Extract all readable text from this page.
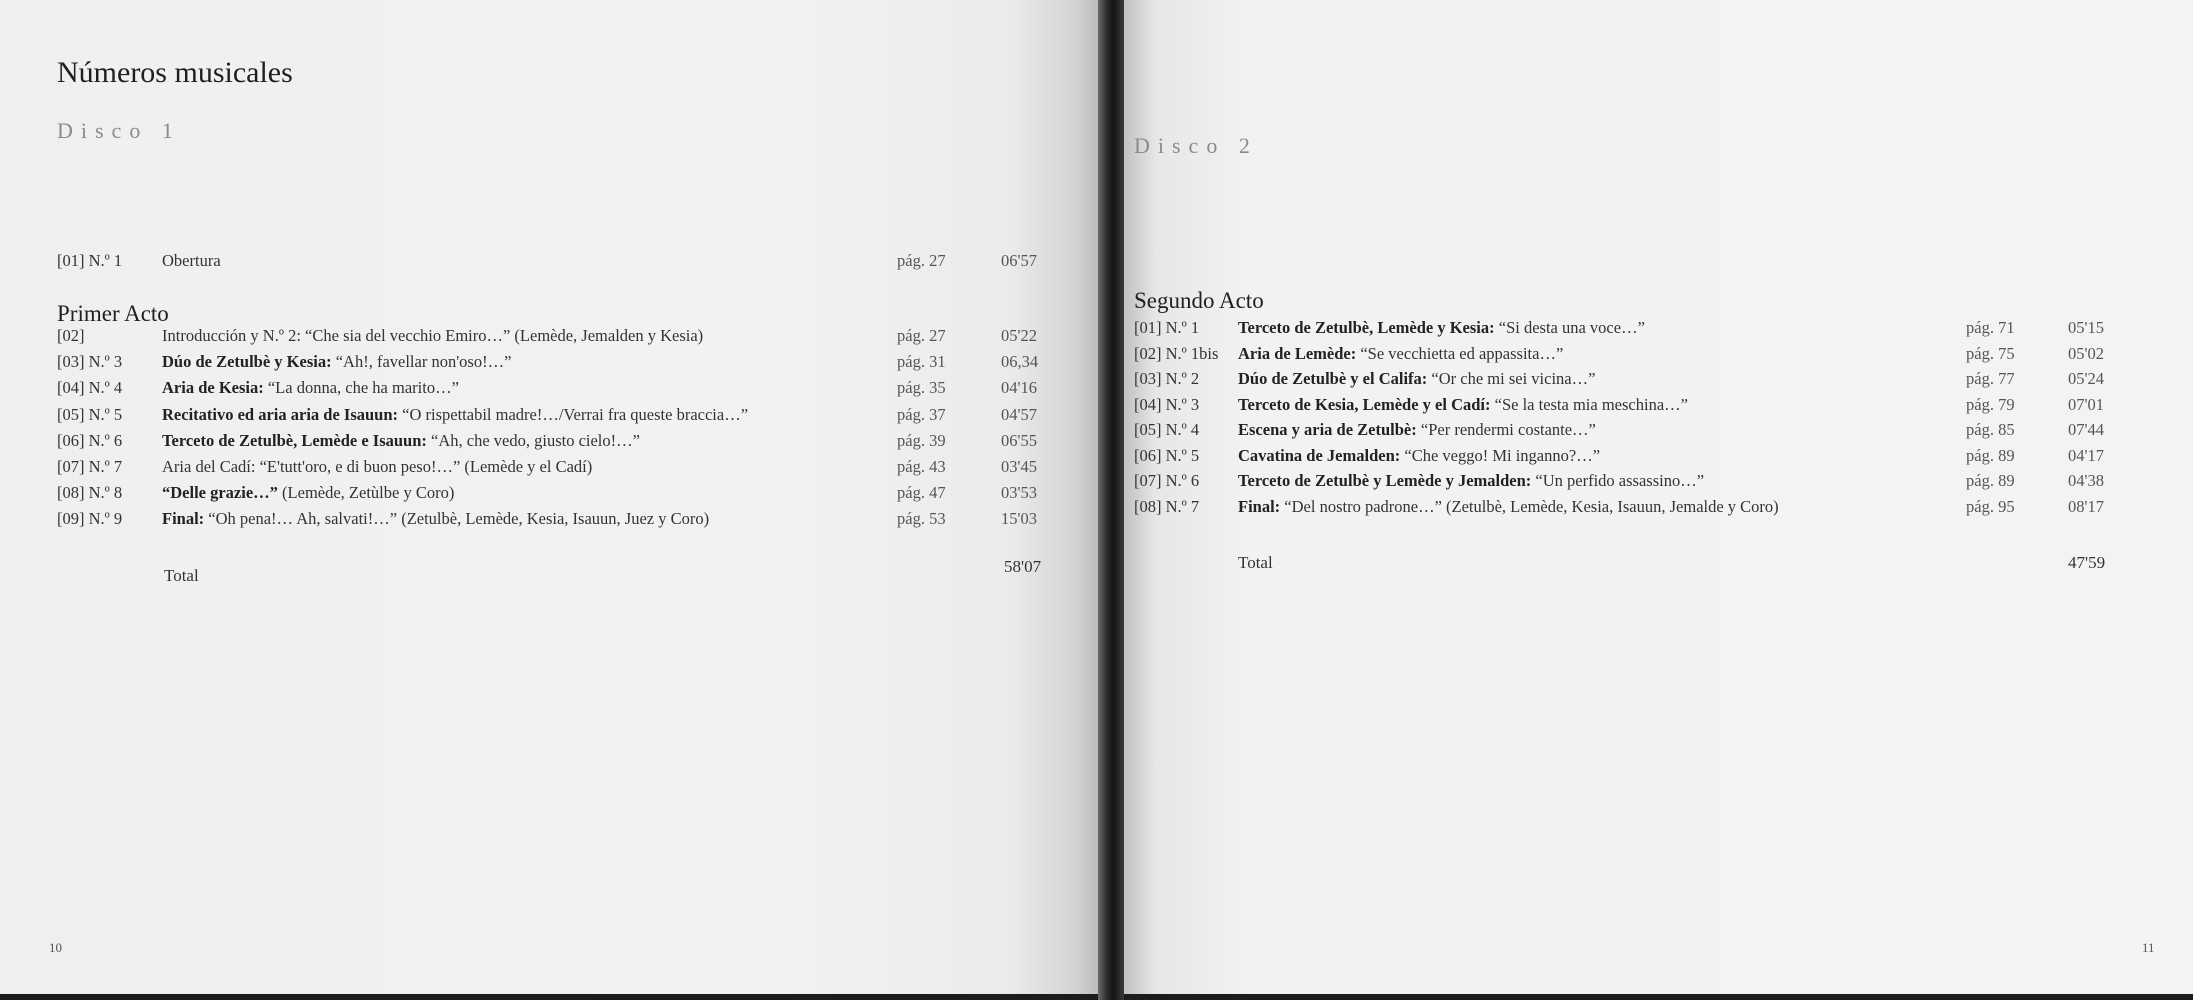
Números musicales
Disco 1
[01] N.º 1 Obertura	pág. 27	06'57
Primer Acto
[02]	Introducción y N.º 2: “Che sia del vecchio Emiro…” (Lemède, Jemalden y Kesia)	pág. 27	05'22
[03] N.º 3 Dúo de Zetulbè y Kesia: “Ah!, favellar non'oso!…”	pág. 31	06,34
[04] N.º 4 Aria de Kesia: “La donna, che ha marito…”	pág. 35	04'16
[05] N.º 5 Recitativo ed aria aria de Isauun: “O rispettabil madre!…/Verrai fra queste braccia…”	pág. 37	04'57
[06] N.º 6 Terceto de Zetulbè, Lemède e Isauun: “Ah, che vedo, giusto cielo!…”	pág. 39	06'55
[07] N.º 7 Aria del Cadí: “E'tutt'oro, e di buon peso!…” (Lemède y el Cadí)	pág. 43	03'45
[08] N.º 8 “Delle grazie…” (Lemède, Zetùlbe y Coro)	pág. 47	03'53
[09] N.º 9 Final: “Oh pena!… Ah, salvati!…” (Zetulbè, Lemède, Kesia, Isauun, Juez y Coro)	pág. 53	15'03
Total	58'07
10
Disco 2
Segundo Acto
[01] N.º 1 Terceto de Zetulbè, Lemède y Kesia: “Si desta una voce…”	pág. 71	05'15
[02] N.º 1bis Aria de Lemède: “Se vecchietta ed appassita…”	pág. 75	05'02
[03] N.º 2 Dúo de Zetulbè y el Califa: “Or che mi sei vicina…”	pág. 77	05'24
[04] N.º 3 Terceto de Kesia, Lemède y el Cadí: “Se la testa mia meschina…”	pág. 79	07'01
[05] N.º 4 Escena y aria de Zetulbè: “Per rendermi costante…”	pág. 85	07'44
[06] N.º 5 Cavatina de Jemalden: “Che veggo! Mi inganno?…”	pág. 89	04'17
[07] N.º 6 Terceto de Zetulbè y Lemède y Jemalden: “Un perfido assassino…”	pág. 89	04'38
[08] N.º 7 Final: “Del nostro padrone…” (Zetulbè, Lemède, Kesia, Isauun, Jemalde y Coro)	pág. 95	08'17
Total	47'59
11
